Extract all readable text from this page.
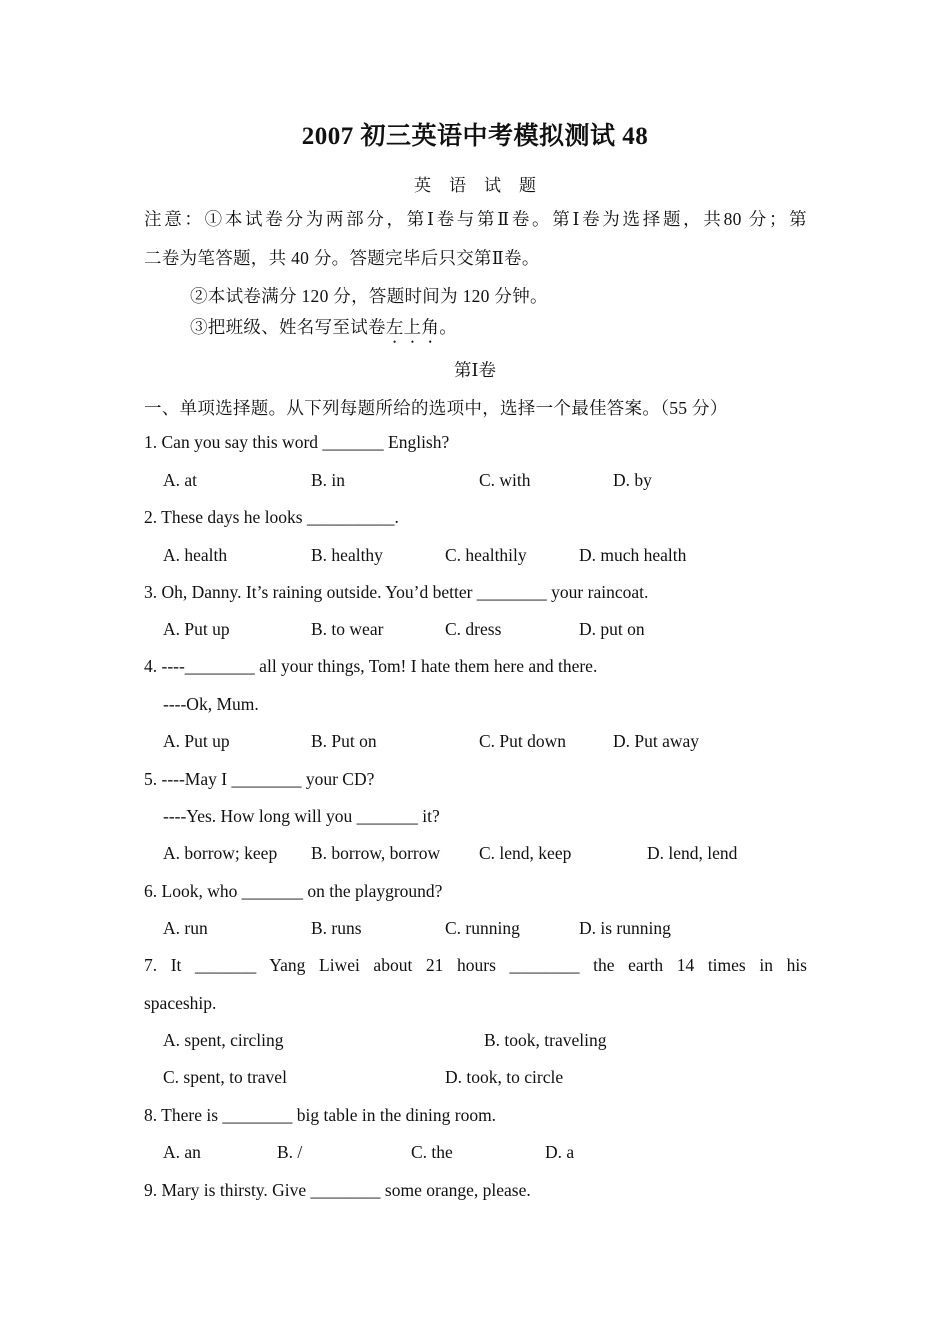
2007 初三英语中考模拟测试 48
英语试题
注意：①本试卷分为两部分，第Ⅰ卷与第Ⅱ卷。第Ⅰ卷为选择题，共80 分；第
二卷为笔答题，共 40 分。答题完毕后只交第Ⅱ卷。
②本试卷满分 120 分，答题时间为 120 分钟。
③把班级、姓名写至试卷左上角。
第Ⅰ卷
一、单项选择题。从下列每题所给的选项中，选择一个最佳答案。（55 分）
1. Can you say this word _______ English?
A. at	B. in	C. with	D. by
2. These days he looks __________.
A. health	B. healthy	C. healthily	D. much health
3. Oh, Danny. It’s raining outside. You’d better ________ your raincoat.
A. Put up	B. to wear	C. dress	D. put on
4. ----________ all your things, Tom! I hate them here and there.
----Ok, Mum.
A. Put up	B. Put on	C. Put down	D. Put away
5. ----May I ________ your CD?
----Yes. How long will you _______ it?
A. borrow; keep B. borrow, borrow C. lend, keep	D. lend, lend
6. Look, who _______ on the playground?
A. run	B. runs	C. running	D. is running
7. It _______ Yang Liwei about 21 hours ________ the earth 14 times in his
spaceship.
A. spent, circling	B. took, traveling
C. spent, to travel	D. took, to circle
8. There is ________ big table in the dining room.
A. an	B. /	C. the	D. a
9. Mary is thirsty. Give ________ some orange, please.
